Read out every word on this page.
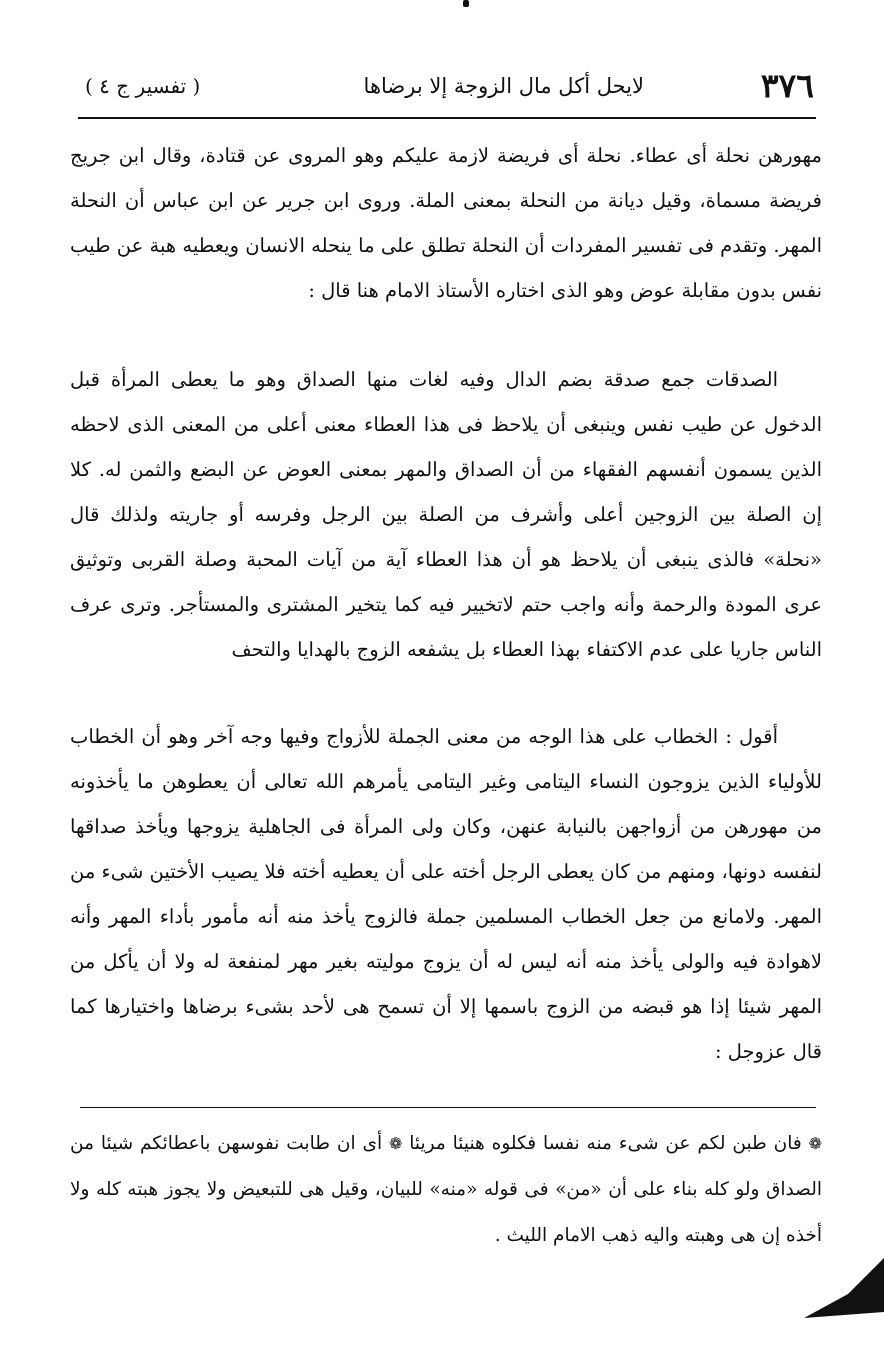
٣٧٦
لايحل أكل مال الزوجة إلا برضاها
( تفسير ج ٤ )

مهورهن نحلة أى عطاء. نحلة أى فريضة لازمة عليكم وهو المروى عن قتادة، وقال ابن جريج فريضة مسماة، وقيل ديانة من النحلة بمعنى الملة. وروى ابن جرير عن ابن عباس أن النحلة المهر. وتقدم فى تفسير المفردات أن النحلة تطلق على ما ينحله الانسان ويعطيه هبة عن طيب نفس بدون مقابلة عوض وهو الذى اختاره الأستاذ الامام هنا قال :

الصدقات جمع صدقة بضم الدال وفيه لغات منها الصداق وهو ما يعطى المرأة قبل الدخول عن طيب نفس وينبغى أن يلاحظ فى هذا العطاء معنى أعلى من المعنى الذى لاحظه الذين يسمون أنفسهم الفقهاء من أن الصداق والمهر بمعنى العوض عن البضع والثمن له. كلا إن الصلة بين الزوجين أعلى وأشرف من الصلة بين الرجل وفرسه أو جاريته ولذلك قال «نحلة» فالذى ينبغى أن يلاحظ هو أن هذا العطاء آية من آيات المحبة وصلة القربى وتوثيق عرى المودة والرحمة وأنه واجب حتم لاتخيير فيه كما يتخير المشترى والمستأجر. وترى عرف الناس جاريا على عدم الاكتفاء بهذا العطاء بل يشفعه الزوج بالهدايا والتحف

أقول : الخطاب على هذا الوجه من معنى الجملة للأزواج وفيها وجه آخر وهو أن الخطاب للأولياء الذين يزوجون النساء اليتامى وغير اليتامى يأمرهم الله تعالى أن يعطوهن ما يأخذونه من مهورهن من أزواجهن بالنيابة عنهن، وكان ولى المرأة فى الجاهلية يزوجها ويأخذ صداقها لنفسه دونها، ومنهم من كان يعطى الرجل أخته على أن يعطيه أخته فلا يصيب الأختين شىء من المهر. ولامانع من جعل الخطاب المسلمين جملة فالزوج يأخذ منه أنه مأمور بأداء المهر وأنه لاهوادة فيه والولى يأخذ منه أنه ليس له أن يزوج موليته بغير مهر لمنفعة له ولا أن يأكل من المهر شيئا إذا هو قبضه من الزوج باسمها إلا أن تسمح هى لأحد بشىء برضاها واختيارها كما قال عزوجل :

❁ فان طبن لكم عن شىء منه نفسا فكلوه هنيئا مريئا ❁ أى ان طابت نفوسهن باعطائكم شيئا من الصداق ولو كله بناء على أن «من» فى قوله «منه» للبيان، وقيل هى للتبعيض ولا يجوز هبته كله ولا أخذه إن هى وهبته واليه ذهب الامام الليث .
